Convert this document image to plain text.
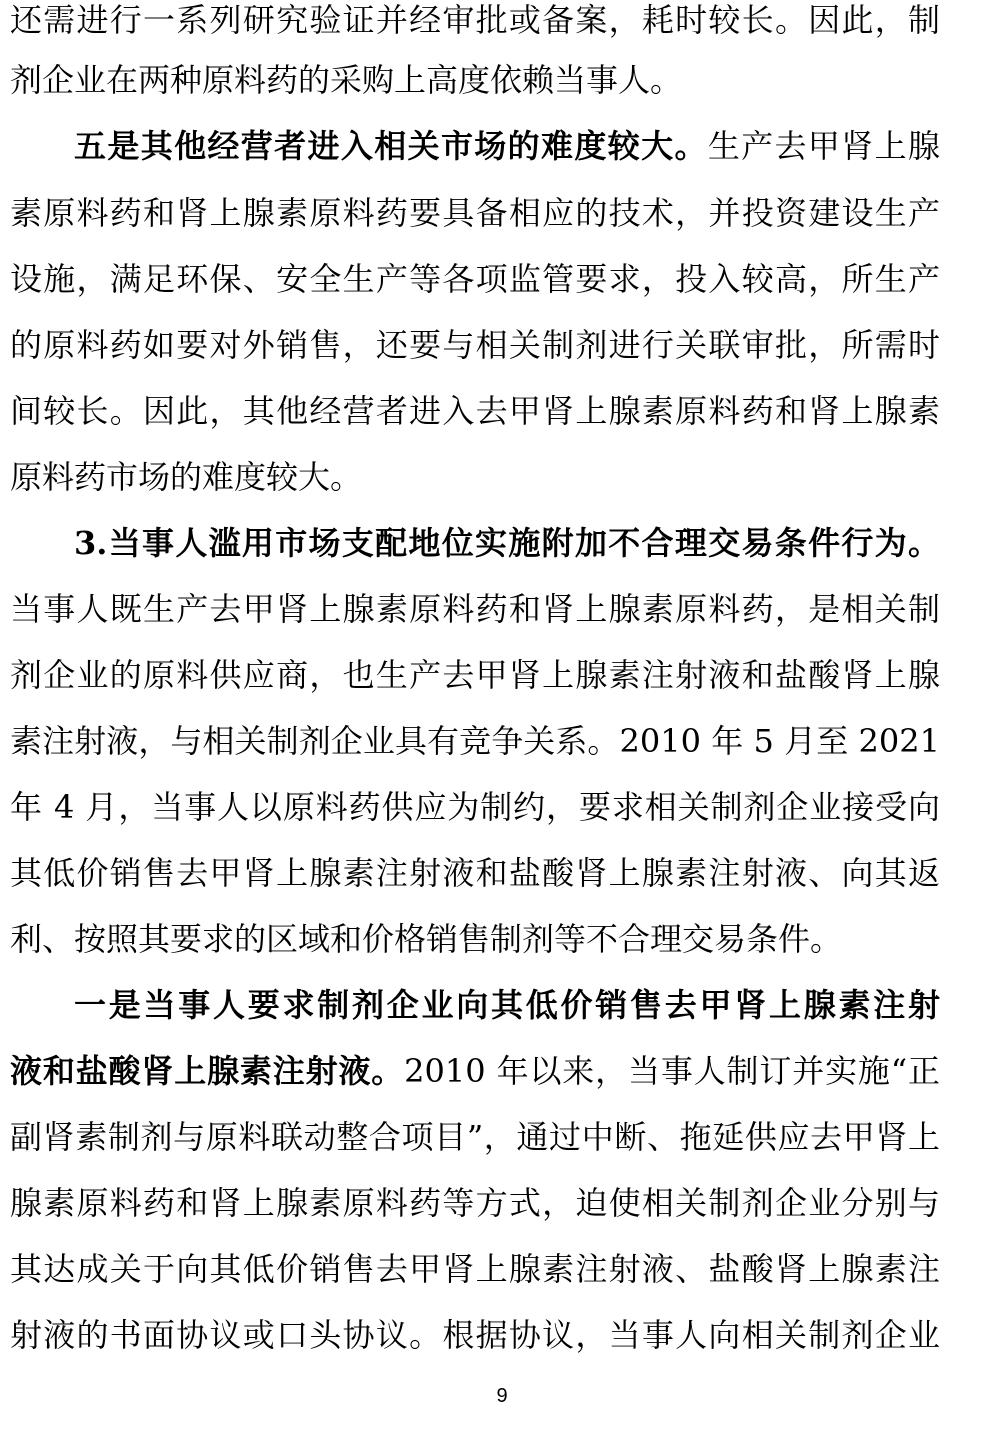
还需进行一系列研究验证并经审批或备案，耗时较长。因此，制
剂企业在两种原料药的采购上高度依赖当事人。
五是其他经营者进入相关市场的难度较大。生产去甲肾上腺
素原料药和肾上腺素原料药要具备相应的技术，并投资建设生产
设施，满足环保、安全生产等各项监管要求，投入较高，所生产
的原料药如要对外销售，还要与相关制剂进行关联审批，所需时
间较长。因此，其他经营者进入去甲肾上腺素原料药和肾上腺素
原料药市场的难度较大。
3.当事人滥用市场支配地位实施附加不合理交易条件行为。
当事人既生产去甲肾上腺素原料药和肾上腺素原料药，是相关制
剂企业的原料供应商，也生产去甲肾上腺素注射液和盐酸肾上腺
素注射液，与相关制剂企业具有竞争关系。2010 年 5 月至 2021
年 4 月，当事人以原料药供应为制约，要求相关制剂企业接受向
其低价销售去甲肾上腺素注射液和盐酸肾上腺素注射液、向其返
利、按照其要求的区域和价格销售制剂等不合理交易条件。
一是当事人要求制剂企业向其低价销售去甲肾上腺素注射
液和盐酸肾上腺素注射液。2010 年以来，当事人制订并实施“正
副肾素制剂与原料联动整合项目”，通过中断、拖延供应去甲肾上
腺素原料药和肾上腺素原料药等方式，迫使相关制剂企业分别与
其达成关于向其低价销售去甲肾上腺素注射液、盐酸肾上腺素注
射液的书面协议或口头协议。根据协议，当事人向相关制剂企业
9
